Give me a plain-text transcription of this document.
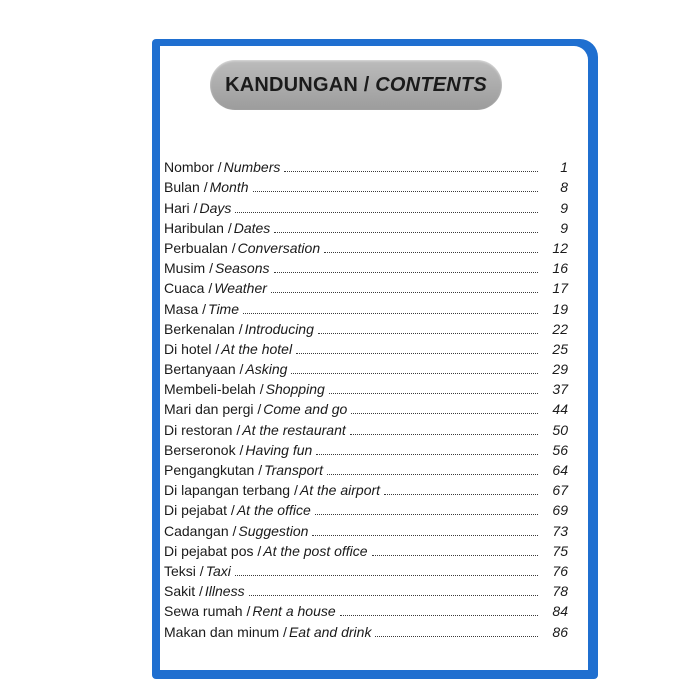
KANDUNGAN / CONTENTS
Nombor / Numbers	1
Bulan / Month	8
Hari / Days	9
Haribulan / Dates	9
Perbualan / Conversation	12
Musim / Seasons	16
Cuaca / Weather	17
Masa / Time	19
Berkenalan / Introducing	22
Di hotel / At the hotel	25
Bertanyaan / Asking	29
Membeli-belah / Shopping	37
Mari dan pergi / Come and go	44
Di restoran / At the restaurant	50
Berseronok / Having fun	56
Pengangkutan / Transport	64
Di lapangan terbang / At the airport	67
Di pejabat / At the office	69
Cadangan / Suggestion	73
Di pejabat pos / At the post office	75
Teksi / Taxi	76
Sakit / Illness	78
Sewa rumah / Rent a house	84
Makan dan minum / Eat and drink	86
